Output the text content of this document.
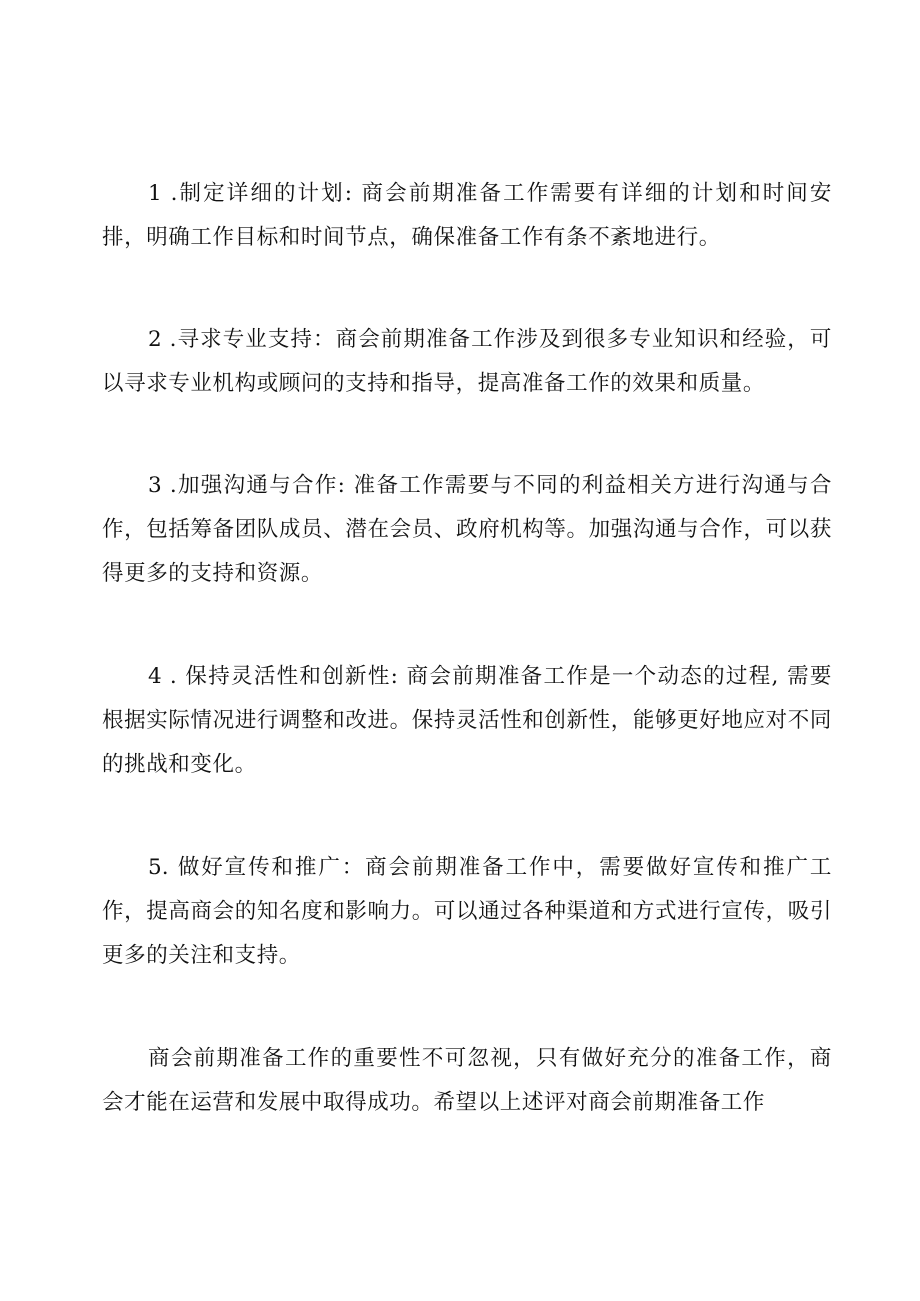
1 .制定详细的计划: 商会前期准备工作需要有详细的计划和时间安排，明确工作目标和时间节点，确保准备工作有条不紊地进行。

2 .寻求专业支持：商会前期准备工作涉及到很多专业知识和经验，可以寻求专业机构或顾问的支持和指导，提高准备工作的效果和质量。

3 .加强沟通与合作: 准备工作需要与不同的利益相关方进行沟通与合作，包括筹备团队成员、潜在会员、政府机构等。加强沟通与合作，可以获得更多的支持和资源。

4 . 保持灵活性和创新性: 商会前期准备工作是一个动态的过程, 需要根据实际情况进行调整和改进。保持灵活性和创新性，能够更好地应对不同的挑战和变化。

5. 做好宣传和推广：商会前期准备工作中，需要做好宣传和推广工作，提高商会的知名度和影响力。可以通过各种渠道和方式进行宣传，吸引更多的关注和支持。

商会前期准备工作的重要性不可忽视，只有做好充分的准备工作，商会才能在运营和发展中取得成功。希望以上述评对商会前期准备工作
